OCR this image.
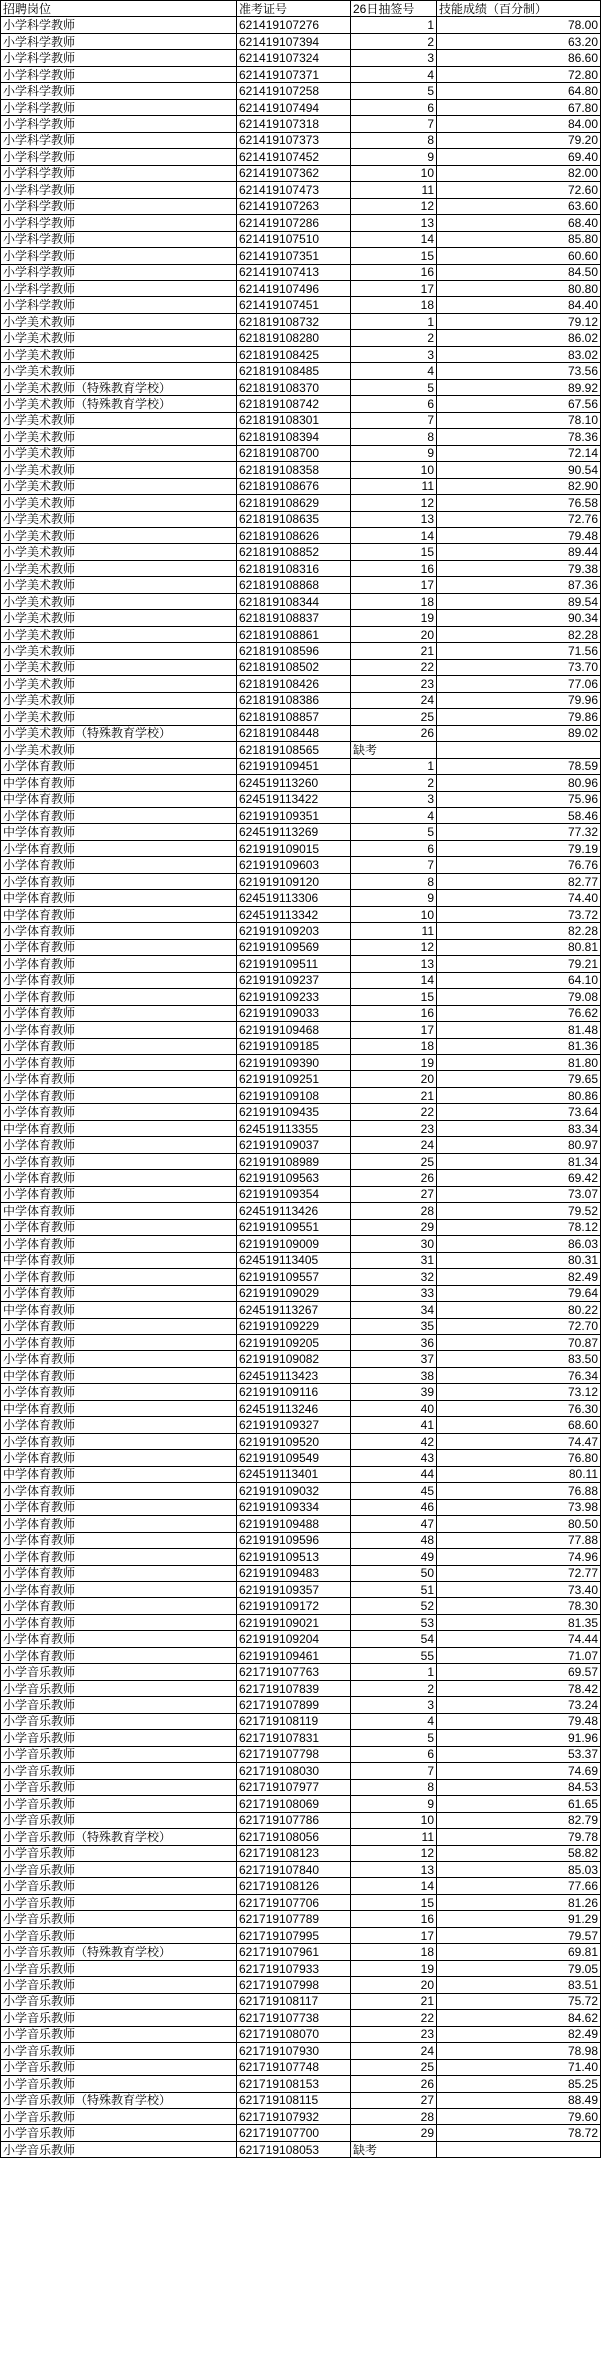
招聘岗位	准考证号	26日抽签号	技能成绩（百分制）
小学科学教师	621419107276	1	78.00
小学科学教师	621419107394	2	63.20
小学科学教师	621419107324	3	86.60
小学科学教师	621419107371	4	72.80
小学科学教师	621419107258	5	64.80
小学科学教师	621419107494	6	67.80
小学科学教师	621419107318	7	84.00
小学科学教师	621419107373	8	79.20
小学科学教师	621419107452	9	69.40
小学科学教师	621419107362	10	82.00
小学科学教师	621419107473	11	72.60
小学科学教师	621419107263	12	63.60
小学科学教师	621419107286	13	68.40
小学科学教师	621419107510	14	85.80
小学科学教师	621419107351	15	60.60
小学科学教师	621419107413	16	84.50
小学科学教师	621419107496	17	80.80
小学科学教师	621419107451	18	84.40
小学美术教师	621819108732	1	79.12
小学美术教师	621819108280	2	86.02
小学美术教师	621819108425	3	83.02
小学美术教师	621819108485	4	73.56
小学美术教师（特殊教育学校）	621819108370	5	89.92
小学美术教师（特殊教育学校）	621819108742	6	67.56
小学美术教师	621819108301	7	78.10
小学美术教师	621819108394	8	78.36
小学美术教师	621819108700	9	72.14
小学美术教师	621819108358	10	90.54
小学美术教师	621819108676	11	82.90
小学美术教师	621819108629	12	76.58
小学美术教师	621819108635	13	72.76
小学美术教师	621819108626	14	79.48
小学美术教师	621819108852	15	89.44
小学美术教师	621819108316	16	79.38
小学美术教师	621819108868	17	87.36
小学美术教师	621819108344	18	89.54
小学美术教师	621819108837	19	90.34
小学美术教师	621819108861	20	82.28
小学美术教师	621819108596	21	71.56
小学美术教师	621819108502	22	73.70
小学美术教师	621819108426	23	77.06
小学美术教师	621819108386	24	79.96
小学美术教师	621819108857	25	79.86
小学美术教师（特殊教育学校）	621819108448	26	89.02
小学美术教师	621819108565	缺考	
小学体育教师	621919109451	1	78.59
中学体育教师	624519113260	2	80.96
中学体育教师	624519113422	3	75.96
小学体育教师	621919109351	4	58.46
中学体育教师	624519113269	5	77.32
小学体育教师	621919109015	6	79.19
小学体育教师	621919109603	7	76.76
小学体育教师	621919109120	8	82.77
中学体育教师	624519113306	9	74.40
中学体育教师	624519113342	10	73.72
小学体育教师	621919109203	11	82.28
小学体育教师	621919109569	12	80.81
小学体育教师	621919109511	13	79.21
小学体育教师	621919109237	14	64.10
小学体育教师	621919109233	15	79.08
小学体育教师	621919109033	16	76.62
小学体育教师	621919109468	17	81.48
小学体育教师	621919109185	18	81.36
小学体育教师	621919109390	19	81.80
小学体育教师	621919109251	20	79.65
小学体育教师	621919109108	21	80.86
小学体育教师	621919109435	22	73.64
中学体育教师	624519113355	23	83.34
小学体育教师	621919109037	24	80.97
小学体育教师	621919108989	25	81.34
小学体育教师	621919109563	26	69.42
小学体育教师	621919109354	27	73.07
中学体育教师	624519113426	28	79.52
小学体育教师	621919109551	29	78.12
小学体育教师	621919109009	30	86.03
中学体育教师	624519113405	31	80.31
小学体育教师	621919109557	32	82.49
小学体育教师	621919109029	33	79.64
中学体育教师	624519113267	34	80.22
小学体育教师	621919109229	35	72.70
小学体育教师	621919109205	36	70.87
小学体育教师	621919109082	37	83.50
中学体育教师	624519113423	38	76.34
小学体育教师	621919109116	39	73.12
中学体育教师	624519113246	40	76.30
小学体育教师	621919109327	41	68.60
小学体育教师	621919109520	42	74.47
小学体育教师	621919109549	43	76.80
中学体育教师	624519113401	44	80.11
小学体育教师	621919109032	45	76.88
小学体育教师	621919109334	46	73.98
小学体育教师	621919109488	47	80.50
小学体育教师	621919109596	48	77.88
小学体育教师	621919109513	49	74.96
小学体育教师	621919109483	50	72.77
小学体育教师	621919109357	51	73.40
小学体育教师	621919109172	52	78.30
小学体育教师	621919109021	53	81.35
小学体育教师	621919109204	54	74.44
小学体育教师	621919109461	55	71.07
小学音乐教师	621719107763	1	69.57
小学音乐教师	621719107839	2	78.42
小学音乐教师	621719107899	3	73.24
小学音乐教师	621719108119	4	79.48
小学音乐教师	621719107831	5	91.96
小学音乐教师	621719107798	6	53.37
小学音乐教师	621719108030	7	74.69
小学音乐教师	621719107977	8	84.53
小学音乐教师	621719108069	9	61.65
小学音乐教师	621719107786	10	82.79
小学音乐教师（特殊教育学校）	621719108056	11	79.78
小学音乐教师	621719108123	12	58.82
小学音乐教师	621719107840	13	85.03
小学音乐教师	621719108126	14	77.66
小学音乐教师	621719107706	15	81.26
小学音乐教师	621719107789	16	91.29
小学音乐教师	621719107995	17	79.57
小学音乐教师（特殊教育学校）	621719107961	18	69.81
小学音乐教师	621719107933	19	79.05
小学音乐教师	621719107998	20	83.51
小学音乐教师	621719108117	21	75.72
小学音乐教师	621719107738	22	84.62
小学音乐教师	621719108070	23	82.49
小学音乐教师	621719107930	24	78.98
小学音乐教师	621719107748	25	71.40
小学音乐教师	621719108153	26	85.25
小学音乐教师（特殊教育学校）	621719108115	27	88.49
小学音乐教师	621719107932	28	79.60
小学音乐教师	621719107700	29	78.72
小学音乐教师	621719108053	缺考	
